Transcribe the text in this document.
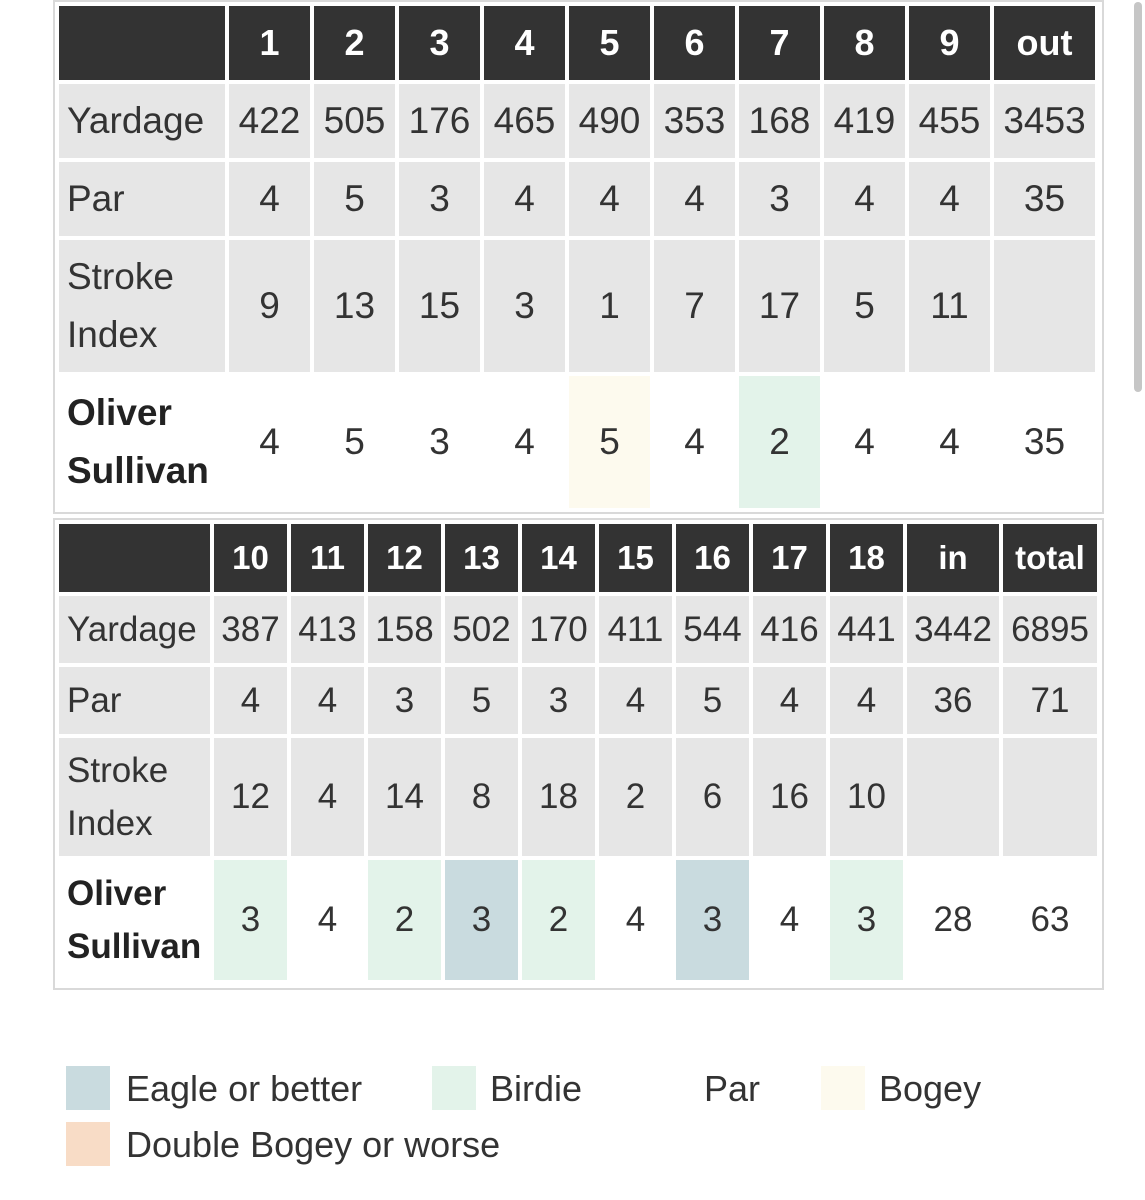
	1	2	3	4	5	6	7	8	9	out
Yardage	422	505	176	465	490	353	168	419	455	3453
Par	4	5	3	4	4	4	3	4	4	35
Stroke Index	9	13	15	3	1	7	17	5	11	
Oliver Sullivan	4	5	3	4	5	4	2	4	4	35
	10	11	12	13	14	15	16	17	18	in	total
Yardage	387	413	158	502	170	411	544	416	441	3442	6895
Par	4	4	3	5	3	4	5	4	4	36	71
Stroke Index	12	4	14	8	18	2	6	16	10		
Oliver Sullivan	3	4	2	3	2	4	3	4	3	28	63
Eagle or better	Birdie	Par	Bogey
Double Bogey or worse
